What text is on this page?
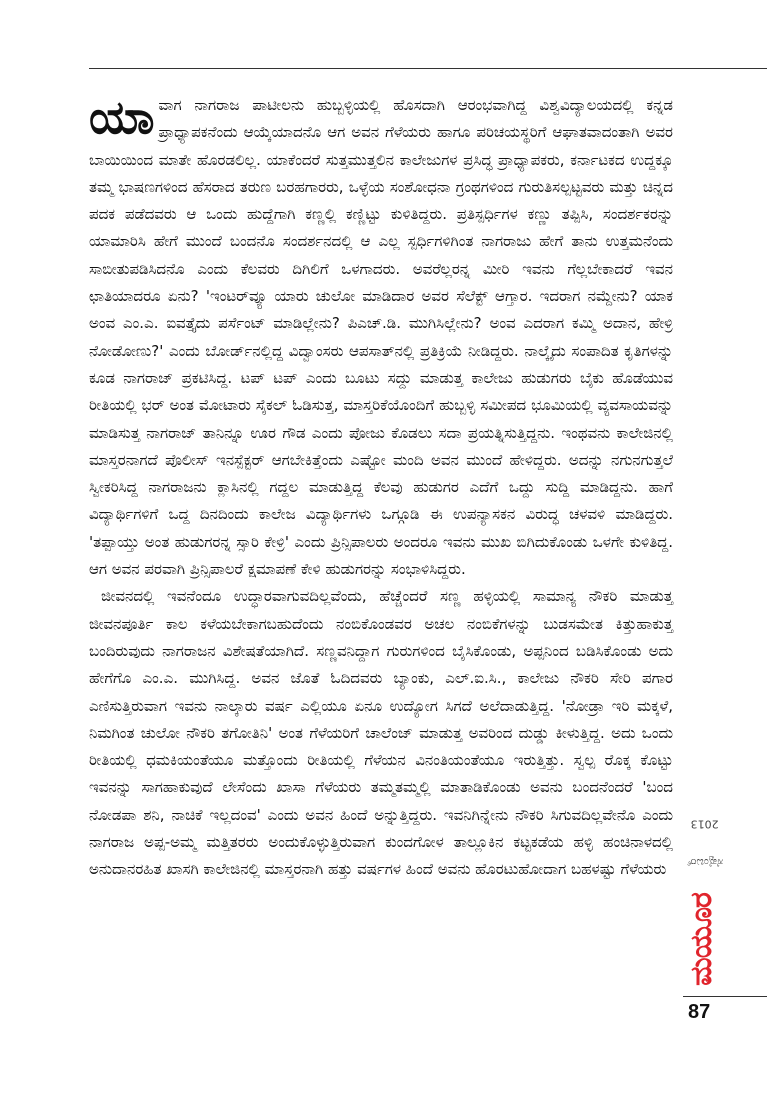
ಯಾವಾಗ ನಾಗರಾಜ ಪಾಟೀಲನು ಹುಬ್ಬಳ್ಳಿಯಲ್ಲಿ ಹೊಸದಾಗಿ ಆರಂಭವಾಗಿದ್ದ ವಿಶ್ವವಿದ್ಯಾಲಯದಲ್ಲಿ ಕನ್ನಡ ಪ್ರಾಧ್ಯಾಪಕನೆಂದು ಆಯ್ಕೆಯಾದನೊ ಆಗ ಅವನ ಗೆಳೆಯರು ಹಾಗೂ ಪರಿಚಯಸ್ಥರಿಗೆ ಆಘಾತವಾದಂತಾಗಿ ಅವರ ಬಾಯಿಯಿಂದ ಮಾತೇ ಹೊರಡಲಿಲ್ಲ. ಯಾಕೆಂದರೆ ಸುತ್ತಮುತ್ತಲಿನ ಕಾಲೇಜುಗಳ ಪ್ರಸಿದ್ಧ ಪ್ರಾಧ್ಯಾಪಕರು, ಕರ್ನಾಟಕದ ಉದ್ದಕ್ಕೂ ತಮ್ಮ ಭಾಷಣಗಳಿಂದ ಹೆಸರಾದ ತರುಣ ಬರಹಗಾರರು, ಒಳ್ಳೆಯ ಸಂಶೋಧನಾ ಗ್ರಂಥಗಳಿಂದ ಗುರುತಿಸಲ್ಪಟ್ಟವರು ಮತ್ತು ಚಿನ್ನದ ಪದಕ ಪಡೆದವರು ಆ ಒಂದು ಹುದ್ದೆಗಾಗಿ ಕಣ್ಣಲ್ಲಿ ಕಣ್ಣಿಟ್ಟು ಕುಳಿತಿದ್ದರು. ಪ್ರತಿಸ್ಪರ್ಧಿಗಳ ಕಣ್ಣು ತಪ್ಪಿಸಿ, ಸಂದರ್ಶಕರನ್ನು ಯಾಮಾರಿಸಿ ಹೇಗೆ ಮುಂದೆ ಬಂದನೊ ಸಂದರ್ಶನದಲ್ಲಿ ಆ ಎಲ್ಲ ಸ್ಪರ್ಧಿಗಳಿಗಿಂತ ನಾಗರಾಜು ಹೇಗೆ ತಾನು ಉತ್ತಮನೆಂದು ಸಾಬೀತುಪಡಿಸಿದನೊ ಎಂದು ಕೆಲವರು ದಿಗಿಲಿಗೆ ಒಳಗಾದರು. ಅವರೆಲ್ಲರನ್ನ ಮೀರಿ ಇವನು ಗೆಲ್ಲಬೇಕಾದರೆ ಇವನ ಛಾತಿಯಾದರೂ ಏನು? 'ಇಂಟರ್‌ವ್ಯೂ ಯಾರು ಚುಲೋ ಮಾಡಿದಾರ ಅವರ ಸೆಲೆಕ್ಟ್ ಆಗ್ತಾರ. ಇದರಾಗ ನಮ್ದೇನು? ಯಾಕ ಅಂವ ಎಂ.ಎ. ಐವತ್ತೈದು ಪರ್ಸೆಂಟ್ ಮಾಡಿಲ್ಲೇನು? ಪಿಎಚ್.ಡಿ. ಮುಗಿಸಿಲ್ಲೇನು? ಅಂವ ಎದರಾಗ ಕಮ್ಮಿ ಅದಾನ, ಹೇಳ್ರಿ ನೋಡೋಣು?' ಎಂದು ಬೋರ್ಡ್‌ನಲ್ಲಿದ್ದ ವಿದ್ವಾಂಸರು ಆಪಸಾತ್‌ನಲ್ಲಿ ಪ್ರತಿಕ್ರಿಯೆ ನೀಡಿದ್ದರು. ನಾಲ್ಕೈದು ಸಂಪಾದಿತ ಕೃತಿಗಳನ್ನು ಕೂಡ ನಾಗರಾಜ್ ಪ್ರಕಟಿಸಿದ್ದ. ಟಪ್ ಟಪ್ ಎಂದು ಬೂಟು ಸದ್ದು ಮಾಡುತ್ತ ಕಾಲೇಜು ಹುಡುಗರು ಬೈಕು ಹೊಡೆಯುವ ರೀತಿಯಲ್ಲಿ ಭರ್ ಅಂತ ಮೋಟಾರು ಸೈಕಲ್ ಓಡಿಸುತ್ತ, ಮಾಸ್ತರಿಕೆಯೊಂದಿಗೆ ಹುಬ್ಬಳ್ಳಿ ಸಮೀಪದ ಭೂಮಿಯಲ್ಲಿ ವ್ಯವಸಾಯವನ್ನು ಮಾಡಿಸುತ್ತ ನಾಗರಾಜ್ ತಾನಿನ್ನೂ ಊರ ಗೌಡ ಎಂದು ಪೋಜು ಕೊಡಲು ಸದಾ ಪ್ರಯತ್ನಿಸುತ್ತಿದ್ದನು. ಇಂಥವನು ಕಾಲೇಜಿನಲ್ಲಿ ಮಾಸ್ತರನಾಗದೆ ಪೊಲೀಸ್ ಇನಸ್ಪೆಕ್ಟರ್ ಆಗಬೇಕಿತ್ತೆಂದು ಎಷ್ಟೋ ಮಂದಿ ಅವನ ಮುಂದೆ ಹೇಳಿದ್ದರು. ಅದನ್ನು ನಗುನಗುತ್ತಲೆ ಸ್ವೀಕರಿಸಿದ್ದ ನಾಗರಾಜನು ಕ್ಲಾಸಿನಲ್ಲಿ ಗದ್ದಲ ಮಾಡುತ್ತಿದ್ದ ಕೆಲವು ಹುಡುಗರ ಎದೆಗೆ ಒದ್ದು ಸುದ್ದಿ ಮಾಡಿದ್ದನು. ಹಾಗೆ ವಿದ್ಯಾರ್ಥಿಗಳಿಗೆ ಒದ್ದ ದಿನದಿಂದು ಕಾಲೇಜ ವಿದ್ಯಾರ್ಥಿಗಳು ಒಗ್ಗೂಡಿ ಈ ಉಪನ್ಯಾಸಕನ ವಿರುದ್ಧ ಚಳವಳಿ ಮಾಡಿದ್ದರು. 'ತಪ್ಪಾಯ್ತು ಅಂತ ಹುಡುಗರನ್ನ ಸ್ಸಾರಿ ಕೇಳ್ರಿ' ಎಂದು ಪ್ರಿನ್ಸಿಪಾಲರು ಅಂದರೂ ಇವನು ಮುಖ ಬಿಗಿದುಕೊಂಡು ಒಳಗೇ ಕುಳಿತಿದ್ದ. ಆಗ ಅವನ ಪರವಾಗಿ ಪ್ರಿನ್ಸಿಪಾಲರೆ ಕ್ಷಮಾಪಣೆ ಕೇಳಿ ಹುಡುಗರನ್ನು ಸಂಭಾಳಿಸಿದ್ದರು.

ಜೀವನದಲ್ಲಿ ಇವನೆಂದೂ ಉದ್ಧಾರವಾಗುವದಿಲ್ಲವೆಂದು, ಹೆಚ್ಚೆಂದರೆ ಸಣ್ಣ ಹಳ್ಳಿಯಲ್ಲಿ ಸಾಮಾನ್ಯ ನೌಕರಿ ಮಾಡುತ್ತ ಜೀವನಪೂರ್ತಿ ಕಾಲ ಕಳೆಯಬೇಕಾಗಬಹುದೆಂದು ನಂಬಿಕೊಂಡವರ ಅಚಲ ನಂಬಿಕೆಗಳನ್ನು ಬುಡಸಮೇತ ಕಿತ್ತುಹಾಕುತ್ತ ಬಂದಿರುವುದು ನಾಗರಾಜನ ವಿಶೇಷತೆಯಾಗಿದೆ. ಸಣ್ಣವನಿದ್ದಾಗ ಗುರುಗಳಿಂದ ಬೈಸಿಕೊಂಡು, ಅಪ್ಪನಿಂದ ಬಡಿಸಿಕೊಂಡು ಅದು ಹೇಗೆಗೊ ಎಂ.ಎ. ಮುಗಿಸಿದ್ದ. ಅವನ ಜೊತೆ ಓದಿದವರು ಬ್ಯಾಂಕು, ಎಲ್.ಐ.ಸಿ., ಕಾಲೇಜು ನೌಕರಿ ಸೇರಿ ಪಗಾರ ಎಣಿಸುತ್ತಿರುವಾಗ ಇವನು ನಾಲ್ಕಾರು ವರ್ಷ ಎಲ್ಲಿಯೂ ಏನೂ ಉದ್ಯೋಗ ಸಿಗದೆ ಅಲೆದಾಡುತ್ತಿದ್ದ. 'ನೋಡ್ರಾ ಇರಿ ಮಕ್ಕಳೆ, ನಿಮಗಿಂತ ಚುಲೋ ನೌಕರಿ ತಗೋತಿನಿ' ಅಂತ ಗೆಳೆಯರಿಗೆ ಚಾಲೆಂಜ್ ಮಾಡುತ್ತ ಅವರಿಂದ ದುಡ್ಡು ಕೀಳುತ್ತಿದ್ದ. ಅದು ಒಂದು ರೀತಿಯಲ್ಲಿ ಧಮಕಿಯಂತೆಯೂ ಮತ್ತೊಂದು ರೀತಿಯಲ್ಲಿ ಗೆಳೆಯನ ವಿನಂತಿಯಂತೆಯೂ ಇರುತ್ತಿತ್ತು. ಸ್ವಲ್ಪ ರೊಕ್ಕ ಕೊಟ್ಟು ಇವನನ್ನು ಸಾಗಹಾಕುವುದೆ ಲೇಸೆಂದು ಖಾಸಾ ಗೆಳೆಯರು ತಮ್ಮತಮ್ಮಲ್ಲಿ ಮಾತಾಡಿಕೊಂಡು ಅವನು ಬಂದನೆಂದರೆ 'ಬಂದ ನೋಡಪಾ ಶನಿ, ನಾಚಿಕೆ ಇಲ್ಲದಂವ' ಎಂದು ಅವನ ಹಿಂದೆ ಅನ್ನುತ್ತಿದ್ದರು. ಇವನಿಗಿನ್ನೇನು ನೌಕರಿ ಸಿಗುವದಿಲ್ಲವೇನೊ ಎಂದು ನಾಗರಾಜ ಅಪ್ಪ-ಅಮ್ಮ ಮತ್ತಿತರರು ಅಂದುಕೊಳ್ಳುತ್ತಿರುವಾಗ ಕುಂದಗೋಳ ತಾಲ್ಲೂಕಿನ ಕಟ್ಟಕಡೆಯ ಹಳ್ಳಿ ಹಂಚಿನಾಳದಲ್ಲಿ ಅನುದಾನರಹಿತ ಖಾಸಗಿ ಕಾಲೇಜಿನಲ್ಲಿ ಮಾಸ್ತರನಾಗಿ ಹತ್ತು ವರ್ಷಗಳ ಹಿಂದೆ ಅವನು ಹೊರಟುಹೋದಾಗ ಬಹಳಷ್ಟು ಗೆಳೆಯರು	ಸೆಪ್ಟೆಂಬರ್2013
ಮಯೂರ
87
